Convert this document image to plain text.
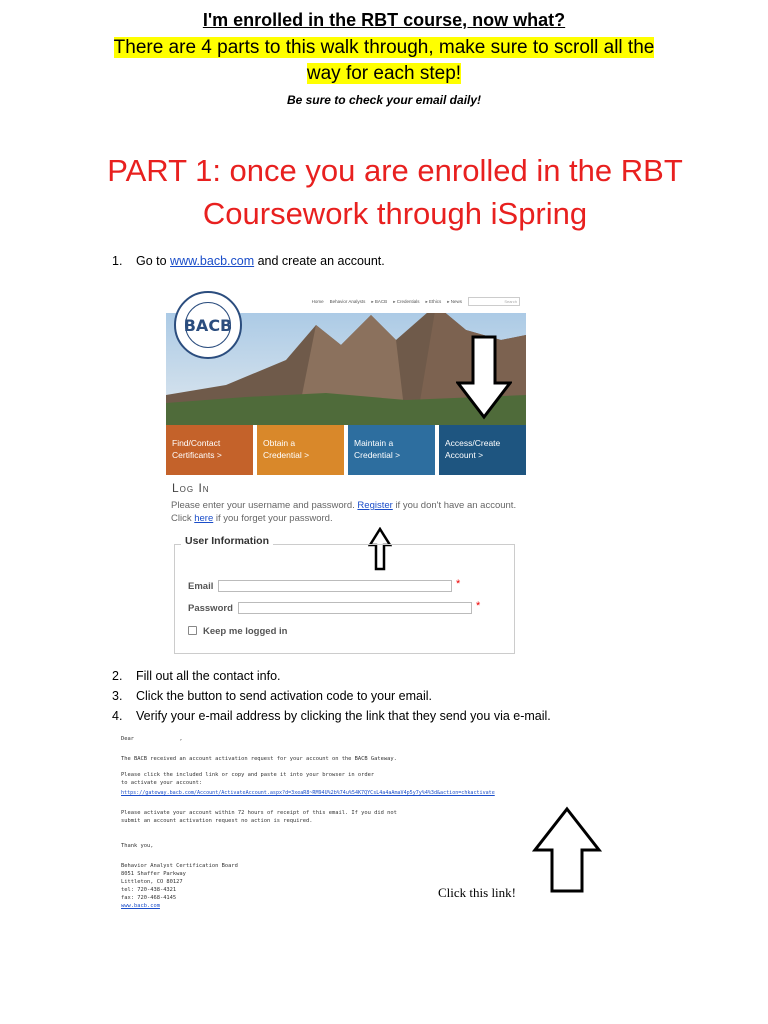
I'm enrolled in the RBT course, now what?
There are 4 parts to this walk through, make sure to scroll all the
way for each step!
Be sure to check your email daily!
PART 1: once you are enrolled in the RBT
Coursework through iSpring
1. Go to www.bacb.com and create an account.
Home Behavior Analysts ▸ BACB ▸ Credentials ▸ Ethics ▸ News	Search
BACB
Find/Contact
Certificants >
Obtain a
Credential >
Maintain a
Credential >
Access/Create
Account >
Log In
Please enter your username and password. Register if you don't have an account.
Click here if you forget your password.
User Information
Email	*
Password	*
Keep me logged in
2. Fill out all the contact info.
3. Click the button to send activation code to your email.
4. Verify your e-mail address by clicking the link that they send you via e-mail.
Dear              ,
The BACB received an account activation request for your account on the BACB Gateway.
Please click the included link or copy and paste it into your browser in order
to activate your account:
https://gateway.bacb.com/Account/ActivateAccount.aspx?d=3xeaR8~RM94U%2b%74u%54K7QYCsL4a4aAmaV4p5y7y%4%3d&action=chkactivate
Please activate your account within 72 hours of receipt of this email. If you did not
submit an account activation request no action is required.
Thank you,
Behavior Analyst Certification Board
8051 Shaffer Parkway
Littleton, CO 80127
tel: 720-438-4321
fax: 720-468-4145
www.bacb.com
Click this link!
